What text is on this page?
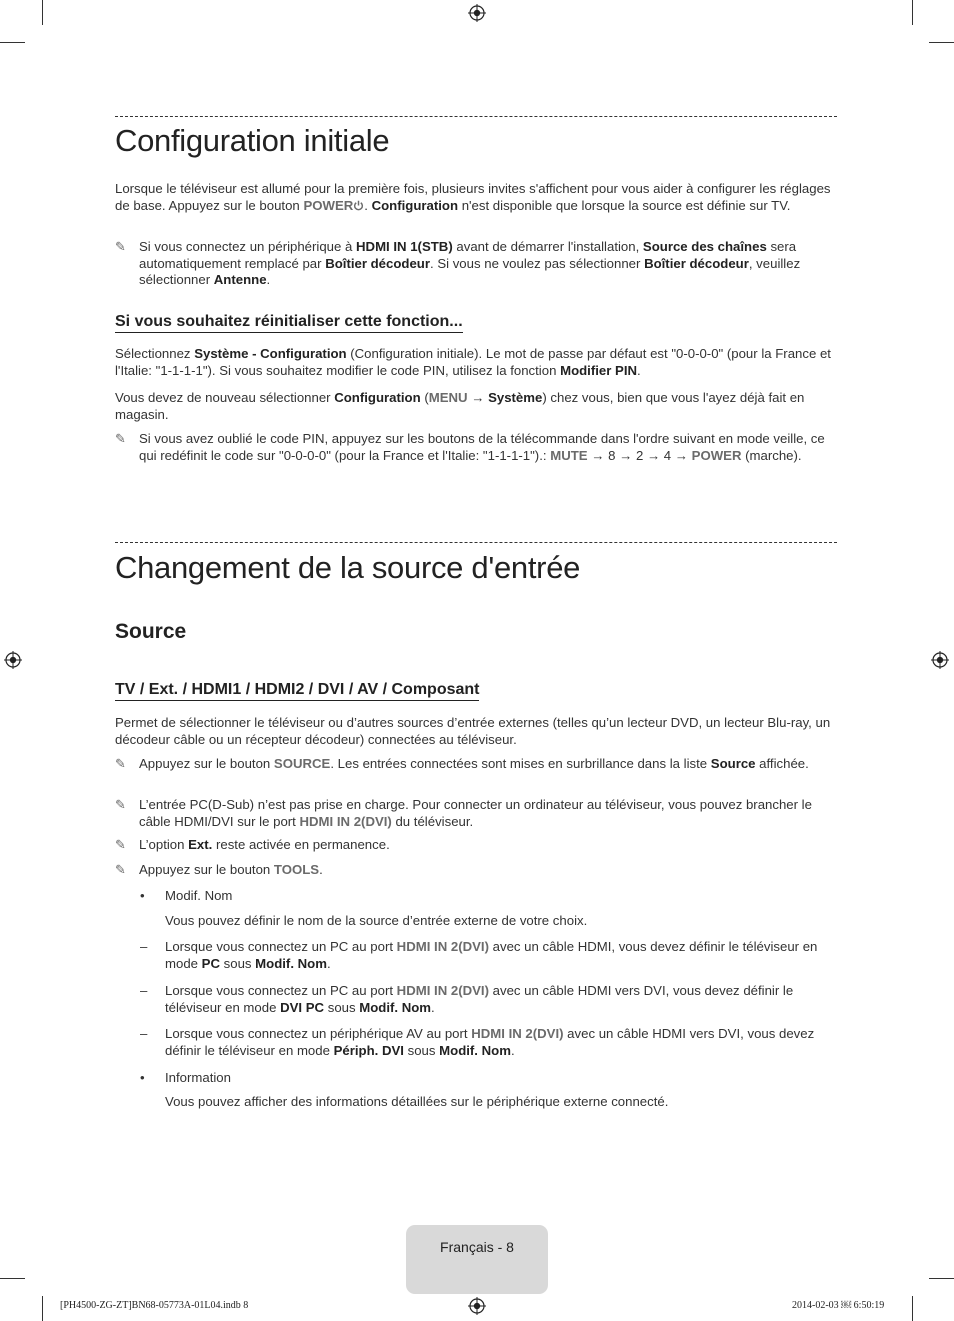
Configuration initiale

Lorsque le téléviseur est allumé pour la première fois, plusieurs invites s'affichent pour vous aider à configurer les réglages de base. Appuyez sur le bouton POWER . Configuration n'est disponible que lorsque la source est définie sur TV.

✎ Si vous connectez un périphérique à HDMI IN 1(STB) avant de démarrer l'installation, Source des chaînes sera automatiquement remplacé par Boîtier décodeur. Si vous ne voulez pas sélectionner Boîtier décodeur, veuillez sélectionner Antenne.
Si vous souhaitez réinitialiser cette fonction...

Sélectionnez Système - Configuration (Configuration initiale). Le mot de passe par défaut est "0-0-0-0" (pour la France et l'Italie: "1-1-1-1"). Si vous souhaitez modifier le code PIN, utilisez la fonction Modifier PIN.

Vous devez de nouveau sélectionner Configuration (MENU → Système) chez vous, bien que vous l'ayez déjà fait en magasin.

✎ Si vous avez oublié le code PIN, appuyez sur les boutons de la télécommande dans l'ordre suivant en mode veille, ce qui redéfinit le code sur "0-0-0-0" (pour la France et l'Italie: "1-1-1-1").: MUTE → 8 → 2 → 4 → POWER (marche).
Changement de la source d'entrée
Source
TV / Ext. / HDMI1 / HDMI2 / DVI / AV / Composant

Permet de sélectionner le téléviseur ou d’autres sources d’entrée externes (telles qu’un lecteur DVD, un lecteur Blu-ray, un décodeur câble ou un récepteur décodeur) connectées au téléviseur.

✎ Appuyez sur le bouton SOURCE. Les entrées connectées sont mises en surbrillance dans la liste Source affichée.
✎ L’entrée PC(D-Sub) n’est pas prise en charge. Pour connecter un ordinateur au téléviseur, vous pouvez brancher le câble HDMI/DVI sur le port HDMI IN 2(DVI) du téléviseur.
✎ L’option Ext. reste activée en permanence.
✎ Appuyez sur le bouton TOOLS.
•	Modif. Nom
Vous pouvez définir le nom de la source d’entrée externe de votre choix.
–	Lorsque vous connectez un PC au port HDMI IN 2(DVI) avec un câble HDMI, vous devez définir le téléviseur en mode PC sous Modif. Nom.
–	Lorsque vous connectez un PC au port HDMI IN 2(DVI) avec un câble HDMI vers DVI, vous devez définir le téléviseur en mode DVI PC sous Modif. Nom.
–	Lorsque vous connectez un périphérique AV au port HDMI IN 2(DVI) avec un câble HDMI vers DVI, vous devez définir le téléviseur en mode Périph. DVI sous Modif. Nom.
•	Information
Vous pouvez afficher des informations détaillées sur le périphérique externe connecté.
Français - 8
[PH4500-ZG-ZT]BN68-05773A-01L04.indb 8	2014-02-03 ￼ 6:50:19
